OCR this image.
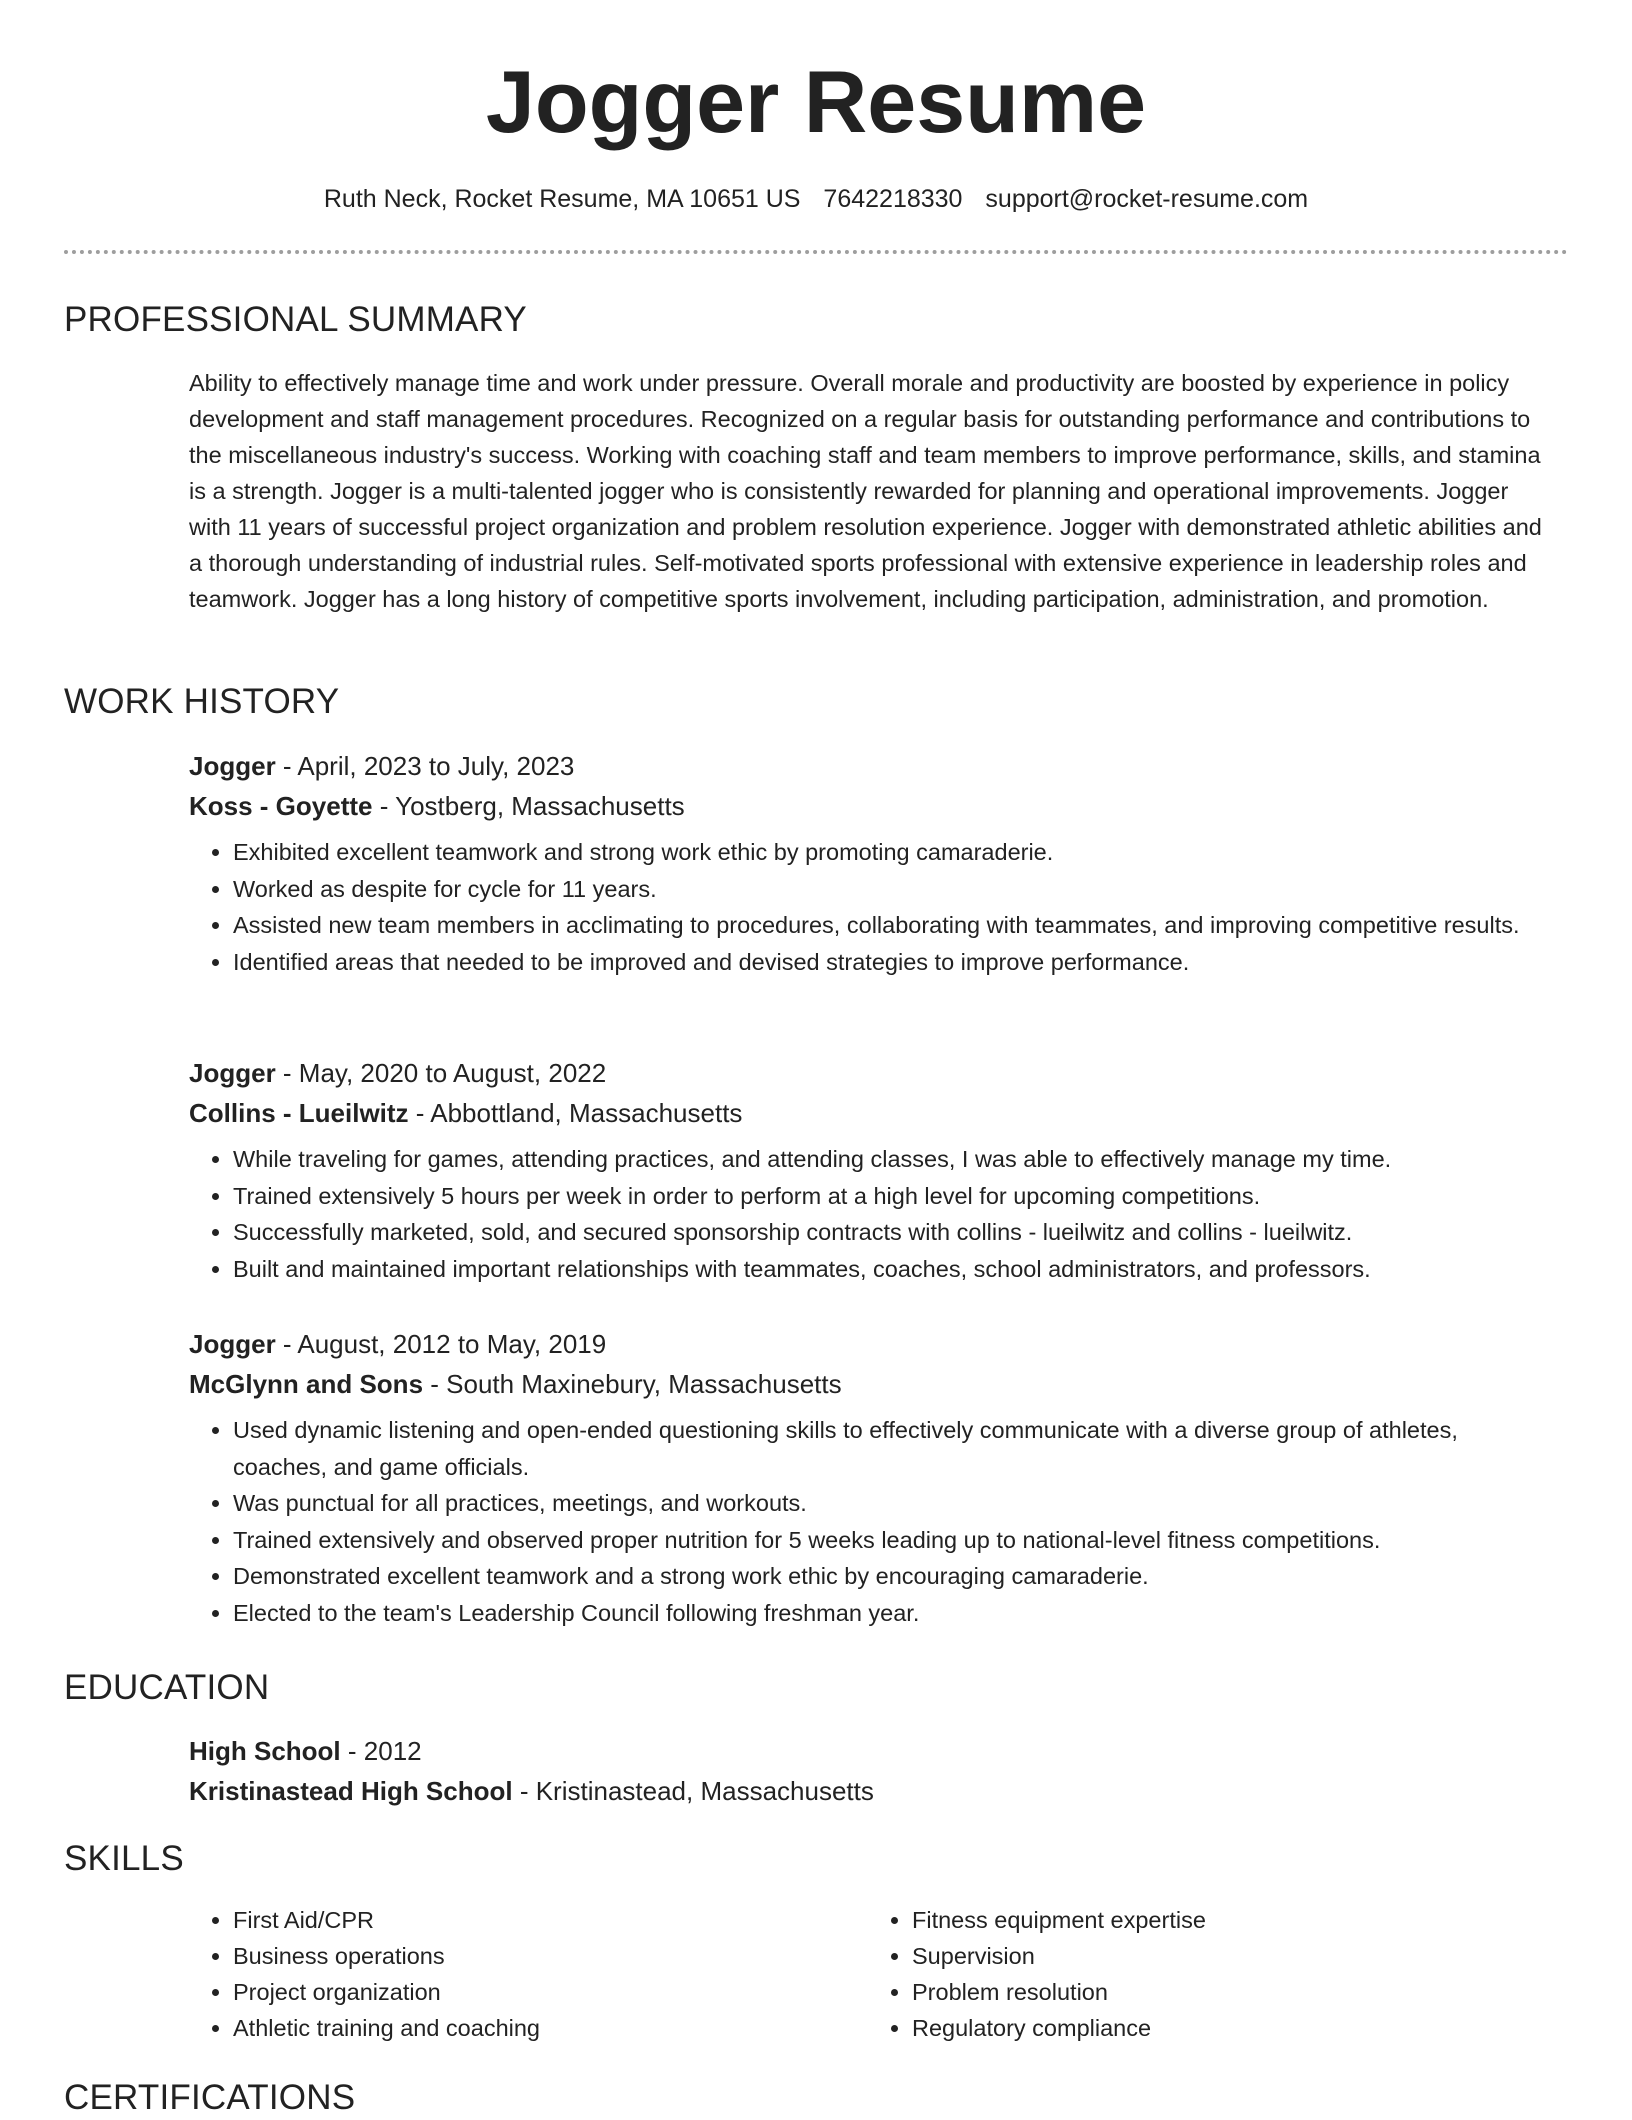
Jogger Resume
Ruth Neck, Rocket Resume, MA 10651 US 7642218330 support@rocket-resume.com
PROFESSIONAL SUMMARY

Ability to effectively manage time and work under pressure. Overall morale and productivity are boosted by experience in policy development and staff management procedures. Recognized on a regular basis for outstanding performance and contributions to the miscellaneous industry's success. Working with coaching staff and team members to improve performance, skills, and stamina is a strength. Jogger is a multi-talented jogger who is consistently rewarded for planning and operational improvements. Jogger with 11 years of successful project organization and problem resolution experience. Jogger with demonstrated athletic abilities and a thorough understanding of industrial rules. Self-motivated sports professional with extensive experience in leadership roles and teamwork. Jogger has a long history of competitive sports involvement, including participation, administration, and promotion.

WORK HISTORY

Jogger - April, 2023 to July, 2023

Koss - Goyette - Yostberg, Massachusetts

• Exhibited excellent teamwork and strong work ethic by promoting camaraderie.
• Worked as despite for cycle for 11 years.
• Assisted new team members in acclimating to procedures, collaborating with teammates, and improving competitive results.
• Identified areas that needed to be improved and devised strategies to improve performance.

Jogger - May, 2020 to August, 2022

Collins - Lueilwitz - Abbottland, Massachusetts

• While traveling for games, attending practices, and attending classes, I was able to effectively manage my time.
• Trained extensively 5 hours per week in order to perform at a high level for upcoming competitions.
• Successfully marketed, sold, and secured sponsorship contracts with collins - lueilwitz and collins - lueilwitz.
• Built and maintained important relationships with teammates, coaches, school administrators, and professors.

Jogger - August, 2012 to May, 2019

McGlynn and Sons - South Maxinebury, Massachusetts

• Used dynamic listening and open-ended questioning skills to effectively communicate with a diverse group of athletes, coaches, and game officials.
• Was punctual for all practices, meetings, and workouts.
• Trained extensively and observed proper nutrition for 5 weeks leading up to national-level fitness competitions.
• Demonstrated excellent teamwork and a strong work ethic by encouraging camaraderie.
• Elected to the team's Leadership Council following freshman year.
EDUCATION

High School - 2012

Kristinastead High School - Kristinastead, Massachusetts

SKILLS
• First Aid/CPR
• Business operations
• Project organization
• Athletic training and coaching
• Fitness equipment expertise
• Supervision
• Problem resolution
• Regulatory compliance
CERTIFICATIONS
